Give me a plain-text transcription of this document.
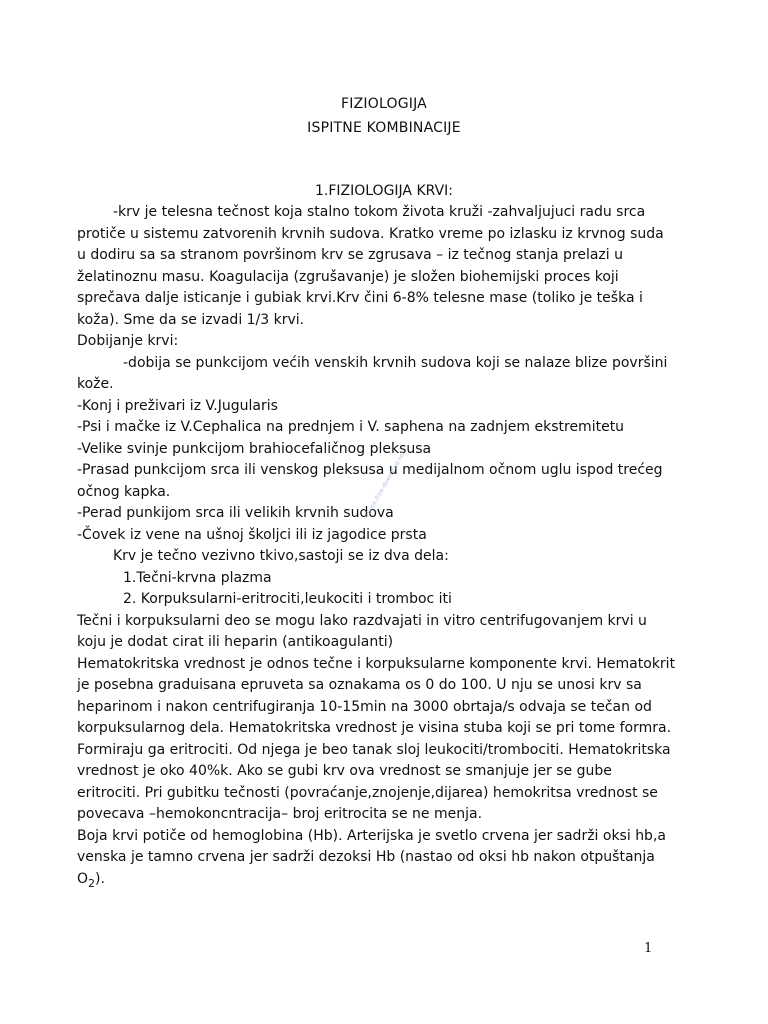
FIZIOLOGIJA
ISPITNE KOMBINACIJE
1.FIZIOLOGIJA KRVI:

-krv je telesna tečnost koja stalno tokom života kruži -zahvaljujuci radu srca protiče u sistemu zatvorenih krvnih sudova. Kratko vreme po izlasku iz krvnog suda u dodiru sa sa stranom površinom krv se zgrusava – iz tečnog stanja prelazi u želatinoznu masu. Koagulacija (zgrušavanje) je složen biohemijski proces koji sprečava dalje isticanje i gubiak krvi.Krv čini 6-8% telesne mase (toliko je teška i koža). Sme da se izvadi 1/3 krvi.

Dobijanje krvi:

-dobija se punkcijom većih venskih krvnih sudova koji se nalaze blize površini kože.

-Konj i preživari iz V.Jugularis

-Psi i mačke iz V.Cephalica na prednjem i V. saphena na zadnjem ekstremitetu

-Velike svinje punkcijom brahiocefaličnog pleksusa

-Prasad punkcijom srca ili venskog pleksusa u medijalnom očnom uglu ispod trećeg očnog kapka.

-Perad punkijom srca ili velikih krvnih sudova

-Čovek iz vene na ušnoj školjci ili iz jagodice prsta

Krv je tečno vezivno tkivo,sastoji se iz dva dela:

1.Tečni-krvna plazma

2. Korpuksularni-eritrociti,leukociti i tromboc iti

Tečni i korpuksularni deo se mogu lako razdvajati in vitro centrifugovanjem krvi u koju je dodat cirat ili heparin (antikoagulanti)

Hematokritska vrednost je odnos tečne i korpuksularne komponente krvi. Hematokrit je posebna graduisana epruveta sa oznakama os 0 do 100. U nju se unosi krv sa heparinom i nakon centrifugiranja 10-15min na 3000 obrtaja/s odvaja se tečan od korpuksularnog dela. Hematokritska vrednost je visina stuba koji se pri tome formra. Formiraju ga eritrociti. Od njega je beo tanak sloj leukociti/trombociti. Hematokritska vrednost je oko 40%k. Ako se gubi krv ova vrednost se smanjuje jer se gube eritrociti. Pri gubitku tečnosti (povraćanje,znojenje,dijarea) hemokritsa vrednost se povecava –hemokoncntracija– broj eritrocita se ne menja.

Boja krvi potiče od hemoglobina (Hb). Arterijska je svetlo crvena jer sadrži oksi hb,a venska je tamno crvena jer sadrži dezoksi Hb (nastao od oksi hb nakon otpuštanja $O_2$).

ebook-free-download.net
1
